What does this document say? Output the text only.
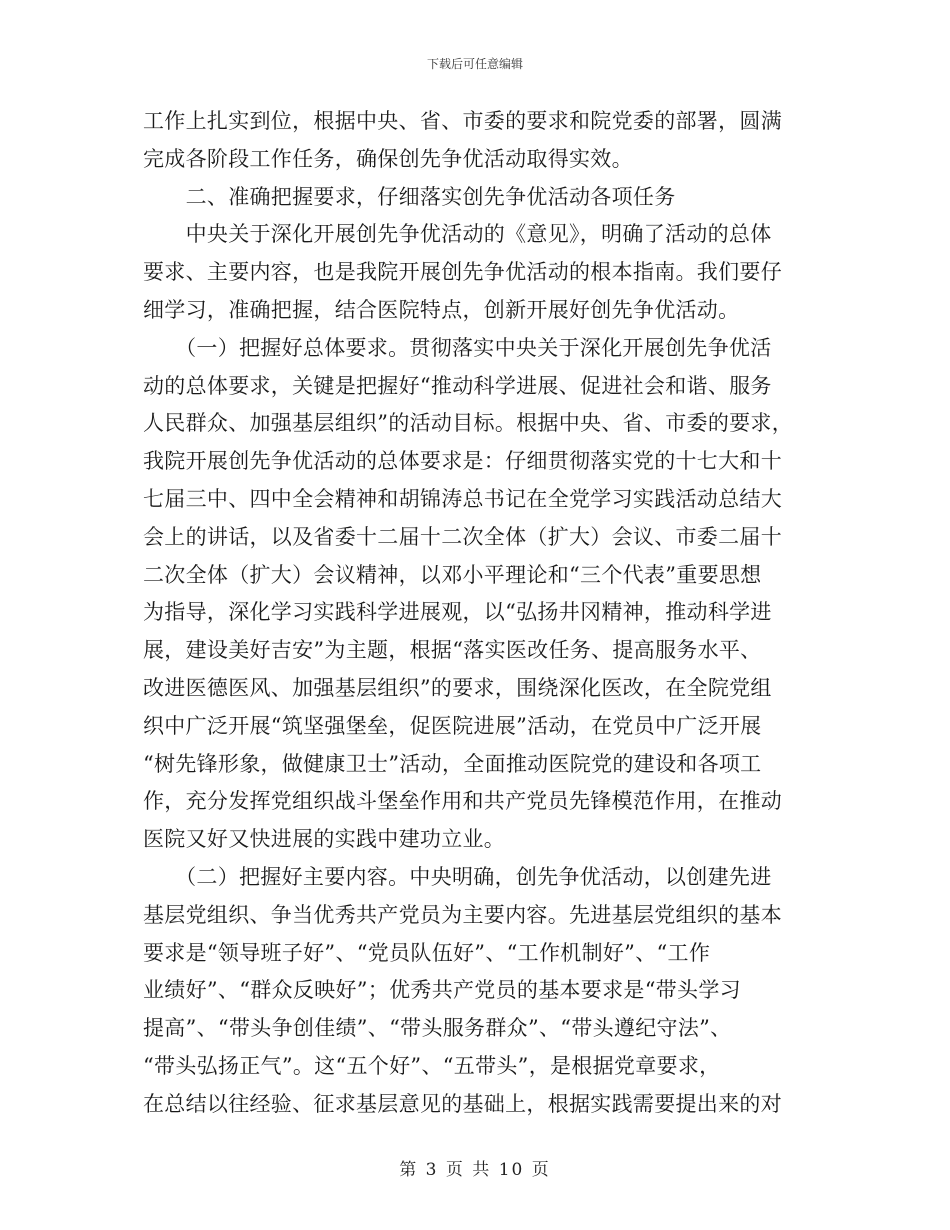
下载后可任意编辑
工作上扎实到位，根据中央、省、市委的要求和院党委的部署，圆满
完成各阶段工作任务，确保创先争优活动取得实效。
　　二、准确把握要求，仔细落实创先争优活动各项任务
　　中央关于深化开展创先争优活动的《意见》，明确了活动的总体
要求、主要内容，也是我院开展创先争优活动的根本指南。我们要仔
细学习，准确把握，结合医院特点，创新开展好创先争优活动。
　　（一）把握好总体要求。贯彻落实中央关于深化开展创先争优活
动的总体要求，关键是把握好“推动科学进展、促进社会和谐、服务
人民群众、加强基层组织”的活动目标。根据中央、省、市委的要求，
我院开展创先争优活动的总体要求是：仔细贯彻落实党的十七大和十
七届三中、四中全会精神和胡锦涛总书记在全党学习实践活动总结大
会上的讲话，以及省委十二届十二次全体（扩大）会议、市委二届十
二次全体（扩大）会议精神，以邓小平理论和“三个代表”重要思想
为指导，深化学习实践科学进展观，以“弘扬井冈精神，推动科学进
展，建设美好吉安”为主题，根据“落实医改任务、提高服务水平、
改进医德医风、加强基层组织”的要求，围绕深化医改，在全院党组
织中广泛开展“筑坚强堡垒，促医院进展”活动，在党员中广泛开展
“树先锋形象，做健康卫士”活动，全面推动医院党的建设和各项工
作，充分发挥党组织战斗堡垒作用和共产党员先锋模范作用，在推动
医院又好又快进展的实践中建功立业。
　　（二）把握好主要内容。中央明确，创先争优活动，以创建先进
基层党组织、争当优秀共产党员为主要内容。先进基层党组织的基本
要求是“领导班子好”、“党员队伍好”、“工作机制好”、“工作
业绩好”、“群众反映好”；优秀共产党员的基本要求是“带头学习
提高”、“带头争创佳绩”、“带头服务群众”、“带头遵纪守法”、
“带头弘扬正气”。这“五个好”、“五带头”，是根据党章要求，
在总结以往经验、征求基层意见的基础上，根据实践需要提出来的对
第 3 页 共 10 页
